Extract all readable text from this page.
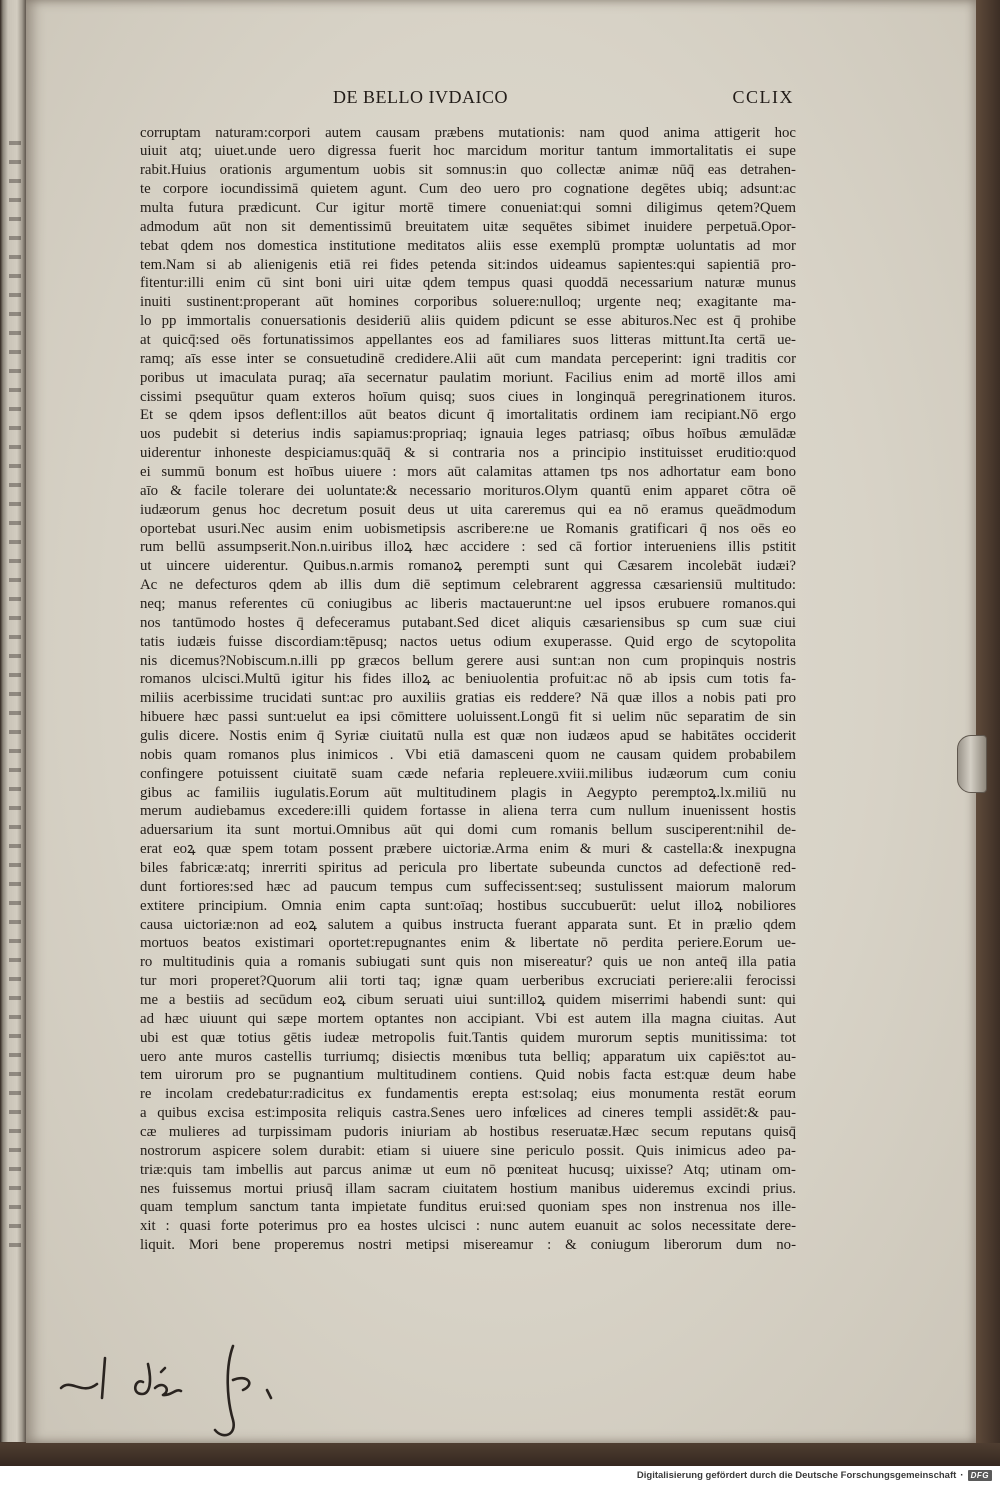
DE BELLO IVDAICO	CCLIX
corruptam naturam:corpori autem causam præbens mutationis: nam quod anima attigerit hoc
uiuit atq; uiuet.unde uero digressa fuerit hoc marcidum moritur tantum immortalitatis ei supe
rabit.Huius orationis argumentum uobis sit somnus:in quo collectæ animæ nūq̄ eas detrahen-
te corpore iocundissimā quietem agunt. Cum deo uero pro cognatione degētes ubiq; adsunt:ac
multa futura prædicunt. Cur igitur mortē timere conueniat:qui somni diligimus qetem?Quem
admodum aūt non sit dementissimū breuitatem uitæ sequētes sibimet inuidere perpetuā.Opor-
tebat qdem nos domestica institutione meditatos aliis esse exemplū promptæ uoluntatis ad mor
tem.Nam si ab alienigenis etiā rei fides petenda sit:indos uideamus sapientes:qui sapientiā pro-
fitentur:illi enim cū sint boni uiri uitæ qdem tempus quasi quoddā necessarium naturæ munus
inuiti sustinent:properant aūt homines corporibus soluere:nulloq; urgente neq; exagitante ma-
lo pp immortalis conuersationis desideriū aliis quidem pdicunt se esse abituros.Nec est q̄ prohibe
at quicq̄:sed oēs fortunatissimos appellantes eos ad familiares suos litteras mittunt.Ita certā ue-
ramq; aīs esse inter se consuetudinē credidere.Alii aūt cum mandata perceperint: igni traditis cor
poribus ut imaculata puraq; aīa secernatur paulatim moriunt. Facilius enim ad mortē illos ami
cissimi psequūtur quam exteros hoīum quisq; suos ciues in longinquā peregrinationem ituros.
Et se qdem ipsos deflent:illos aūt beatos dicunt q̄ imortalitatis ordinem iam recipiant.Nō ergo
uos pudebit si deterius indis sapiamus:propriaq; ignauia leges patriasq; oībus hoībus æmulādæ
uiderentur inhoneste despiciamus:quāq̄ & si contraria nos a principio instituisset eruditio:quod
ei summū bonum est hoībus uiuere : mors aūt calamitas attamen tps nos adhortatur eam bono
aīo & facile tolerare dei uoluntate:& necessario morituros.Olym quantū enim apparet cōtra oē
iudæorum genus hoc decretum posuit deus ut uita careremus qui ea nō eramus queādmodum
oportebat usuri.Nec ausim enim uobismetipsis ascribere:ne ue Romanis gratificari q̄ nos oēs eo
rum bellū assumpserit.Non.n.uiribus illoꝝ hæc accidere : sed cā fortior interueniens illis pstitit
ut uincere uiderentur. Quibus.n.armis romanoꝝ perempti sunt qui Cæsarem incolebāt iudæi?
Ac ne defecturos qdem ab illis dum diē septimum celebrarent aggressa cæsariensiū multitudo:
neq; manus referentes cū coniugibus ac liberis mactauerunt:ne uel ipsos erubuere romanos.qui
nos tantūmodo hostes q̄ defeceramus putabant.Sed dicet aliquis cæsariensibus sp cum suæ ciui
tatis iudæis fuisse discordiam:tēpusq; nactos uetus odium exuperasse. Quid ergo de scytopolita
nis dicemus?Nobiscum.n.illi pp græcos bellum gerere ausi sunt:an non cum propinquis nostris
romanos ulcisci.Multū igitur his fides illoꝝ ac beniuolentia profuit:ac nō ab ipsis cum totis fa-
miliis acerbissime trucidati sunt:ac pro auxiliis gratias eis reddere? Nā quæ illos a nobis pati pro
hibuere hæc passi sunt:uelut ea ipsi cōmittere uoluissent.Longū fit si uelim nūc separatim de sin
gulis dicere. Nostis enim q̄ Syriæ ciuitatū nulla est quæ non iudæos apud se habitātes occiderit
nobis quam romanos plus inimicos . Vbi etiā damasceni quom ne causam quidem probabilem
confingere potuissent ciuitatē suam cæde nefaria repleuere.xviii.milibus iudæorum cum coniu
gibus ac familiis iugulatis.Eorum aūt multitudinem plagis in Aegypto peremptoꝝ.lx.miliū nu
merum audiebamus excedere:illi quidem fortasse in aliena terra cum nullum inuenissent hostis
aduersarium ita sunt mortui.Omnibus aūt qui domi cum romanis bellum susciperent:nihil de-
erat eoꝝ quæ spem totam possent præbere uictoriæ.Arma enim & muri & castella:& inexpugna
biles fabricæ:atq; inrerriti spiritus ad pericula pro libertate subeunda cunctos ad defectionē red-
dunt fortiores:sed hæc ad paucum tempus cum suffecissent:seq; sustulissent maiorum malorum
extitere principium. Omnia enim capta sunt:oīaq; hostibus succubuerūt: uelut illoꝝ nobiliores
causa uictoriæ:non ad eoꝝ salutem a quibus instructa fuerant apparata sunt. Et in prælio qdem
mortuos beatos existimari oportet:repugnantes enim & libertate nō perdita periere.Eorum ue-
ro multitudinis quia a romanis subiugati sunt quis non misereatur? quis ue non anteq̄ illa patia
tur mori properet?Quorum alii torti taq; ignæ quam uerberibus excruciati periere:alii ferocissi
me a bestiis ad secūdum eoꝝ cibum seruati uiui sunt:illoꝝ quidem miserrimi habendi sunt: qui
ad hæc uiuunt qui sæpe mortem optantes non accipiant. Vbi est autem illa magna ciuitas. Aut
ubi est quæ totius gētis iudeæ metropolis fuit.Tantis quidem murorum septis munitissima: tot
uero ante muros castellis turriumq; disiectis mœnibus tuta belliq; apparatum uix capiēs:tot au-
tem uirorum pro se pugnantium multitudinem contiens. Quid nobis facta est:quæ deum habe
re incolam credebatur:radicitus ex fundamentis erepta est:solaq; eius monumenta restāt eorum
a quibus excisa est:imposita reliquis castra.Senes uero infœlices ad cineres templi assidēt:& pau-
cæ mulieres ad turpissimam pudoris iniuriam ab hostibus reseruatæ.Hæc secum reputans quisq̄
nostrorum aspicere solem durabit: etiam si uiuere sine periculo possit. Quis inimicus adeo pa-
triæ:quis tam imbellis aut parcus animæ ut eum nō pœniteat hucusq; uixisse? Atq; utinam om-
nes fuissemus mortui priusq̄ illam sacram ciuitatem hostium manibus uideremus excindi prius.
quam templum sanctum tanta impietate funditus erui:sed quoniam spes non instrenua nos ille-
xit : quasi forte poterimus pro ea hostes ulcisci : nunc autem euanuit ac solos necessitate dere-
liquit. Mori bene properemus nostri metipsi misereamur : & coniugum liberorum dum no-
Digitalisierung gefördert durch die Deutsche Forschungsgemeinschaft · DFG
